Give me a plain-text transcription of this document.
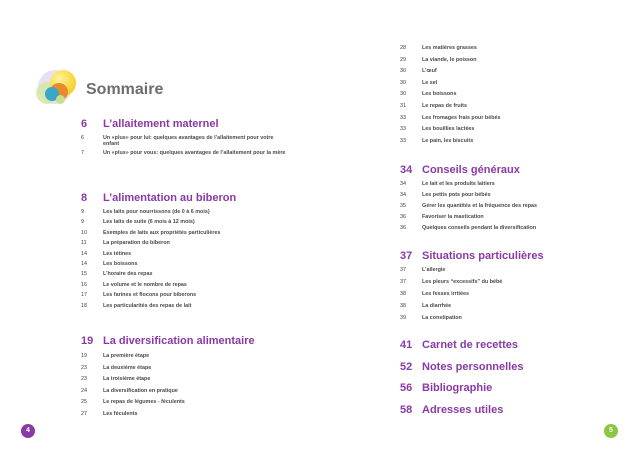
Sommaire
6	L’allaitement maternel
6	Un «plus» pour lui: quelques avantages de l’allaitement pour votre enfant
7	Un «plus» pour vous: quelques avantages de l’allaitement pour la mère
8	L’alimentation au biberon
9	Les laits pour nourrissons (de 0 à 6 mois)
9	Les laits de suite (6 mois à 12 mois)
10	Exemples de laits aux propriétés particulières
11	La préparation du biberon
14	Les tétines
14	Les boissons
15	L’horaire des repas
16	Le volume et le nombre de repas
17	Les farines et flocons pour biberons
18	Les particularités des repas de lait
19 La diversification alimentaire
19	La première étape
23	La deuxième étape
23	La troisième étape
24	La diversification en pratique
25	Le repas de légumes - féculents
27	Les féculents
28	Les matières grasses
29	La viande, le poisson
30	L’œuf
30	Le sel
30	Les boissons
31	Le repas de fruits
33	Les fromages frais pour bébés
33	Les bouillies lactées
33	Le pain, les biscuits
34 Conseils généraux
34	Le lait et les produits laitiers
34	Les petits pots pour bébés
35	Gérer les quantités et la fréquence des repas
36	Favoriser la mastication
36	Quelques conseils pendant la diversification
37 Situations particulières
37	L’allergie
37	Les pleurs “excessifs” du bébé
38	Les fesses irritées
38	La diarrhée
39	La constipation
41 Carnet de recettes
52 Notes personnelles
56 Bibliographie
58 Adresses utiles
4	5
